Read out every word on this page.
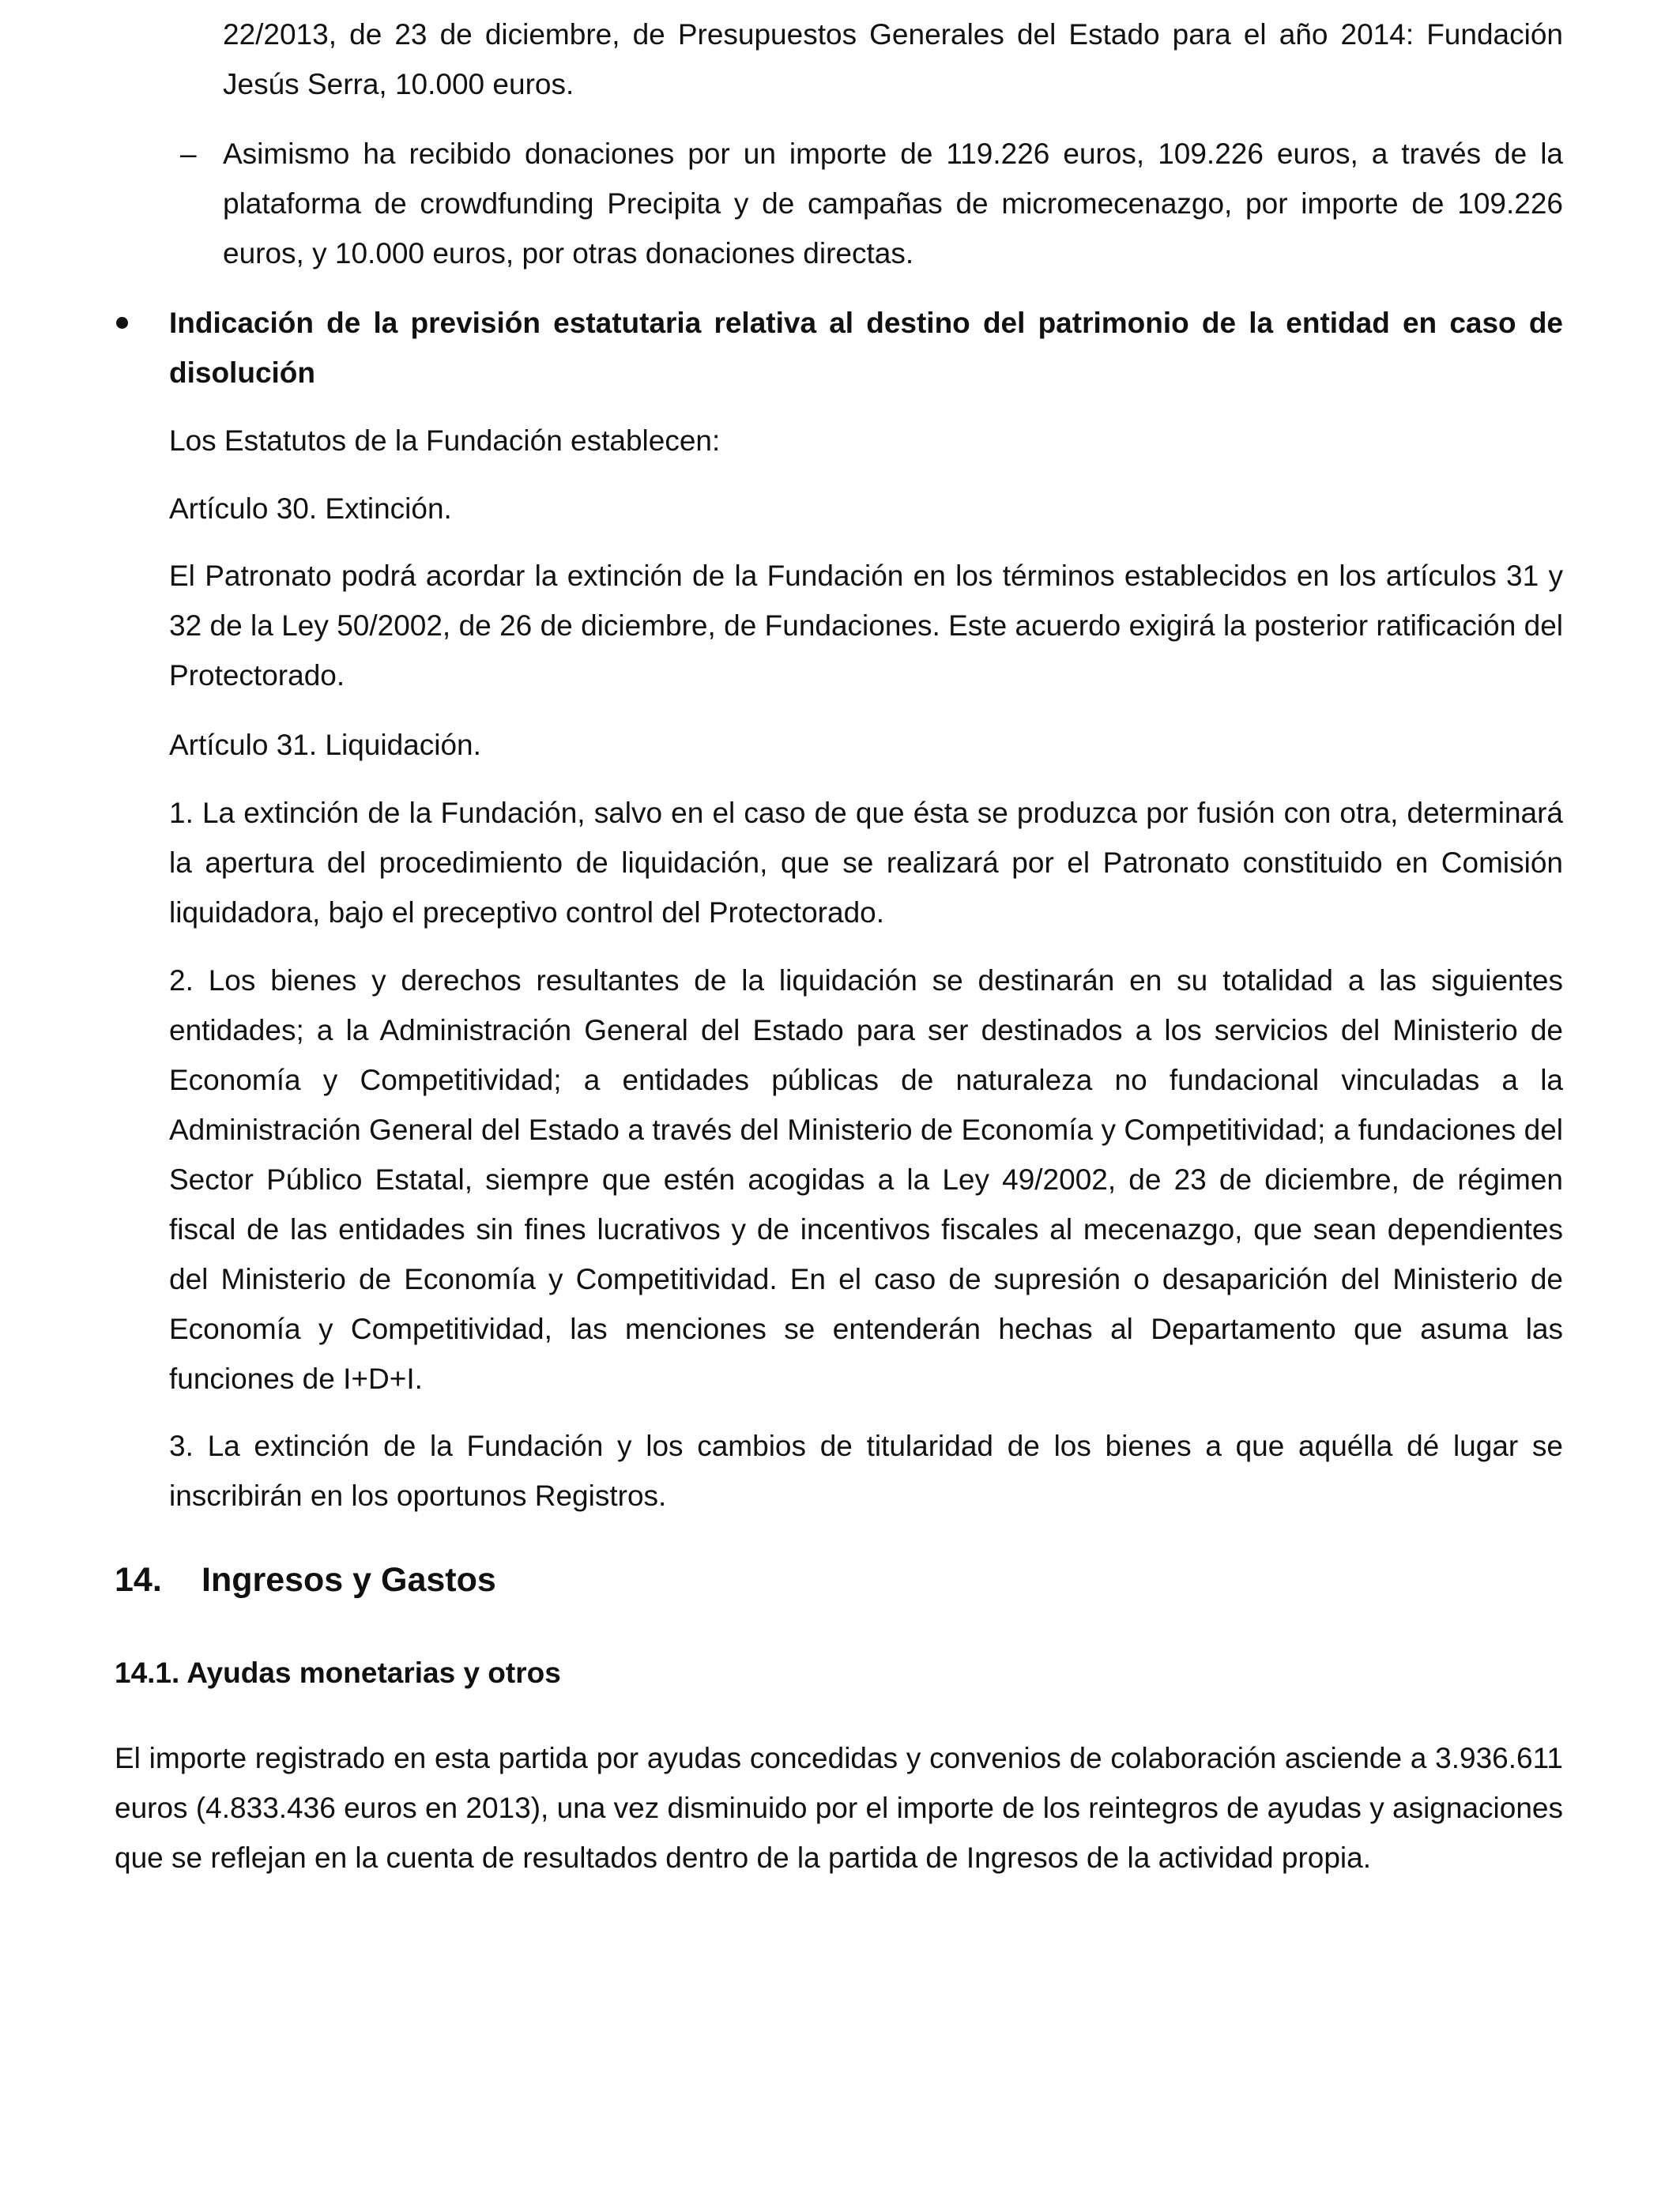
22/2013, de 23 de diciembre, de Presupuestos Generales del Estado para el año 2014: Fundación Jesús Serra, 10.000 euros.

– Asimismo ha recibido donaciones por un importe de 119.226 euros, 109.226 euros, a través de la plataforma de crowdfunding Precipita y de campañas de micromecenazgo, por importe de 109.226 euros, y 10.000 euros, por otras donaciones directas.

Indicación de la previsión estatutaria relativa al destino del patrimonio de la entidad en caso de disolución

Los Estatutos de la Fundación establecen:

Artículo 30. Extinción.

El Patronato podrá acordar la extinción de la Fundación en los términos establecidos en los artículos 31 y 32 de la Ley 50/2002, de 26 de diciembre, de Fundaciones. Este acuerdo exigirá la posterior ratificación del Protectorado.

Artículo 31. Liquidación.

1. La extinción de la Fundación, salvo en el caso de que ésta se produzca por fusión con otra, determinará la apertura del procedimiento de liquidación, que se realizará por el Patronato constituido en Comisión liquidadora, bajo el preceptivo control del Protectorado.

2. Los bienes y derechos resultantes de la liquidación se destinarán en su totalidad a las siguientes entidades; a la Administración General del Estado para ser destinados a los servicios del Ministerio de Economía y Competitividad; a entidades públicas de naturaleza no fundacional vinculadas a la Administración General del Estado a través del Ministerio de Economía y Competitividad; a fundaciones del Sector Público Estatal, siempre que estén acogidas a la Ley 49/2002, de 23 de diciembre, de régimen fiscal de las entidades sin fines lucrativos y de incentivos fiscales al mecenazgo, que sean dependientes del Ministerio de Economía y Competitividad. En el caso de supresión o desaparición del Ministerio de Economía y Competitividad, las menciones se entenderán hechas al Departamento que asuma las funciones de I+D+I.

3. La extinción de la Fundación y los cambios de titularidad de los bienes a que aquélla dé lugar se inscribirán en los oportunos Registros.

14. Ingresos y Gastos

14.1. Ayudas monetarias y otros

El importe registrado en esta partida por ayudas concedidas y convenios de colaboración asciende a 3.936.611 euros (4.833.436 euros en 2013), una vez disminuido por el importe de los reintegros de ayudas y asignaciones que se reflejan en la cuenta de resultados dentro de la partida de Ingresos de la actividad propia.
